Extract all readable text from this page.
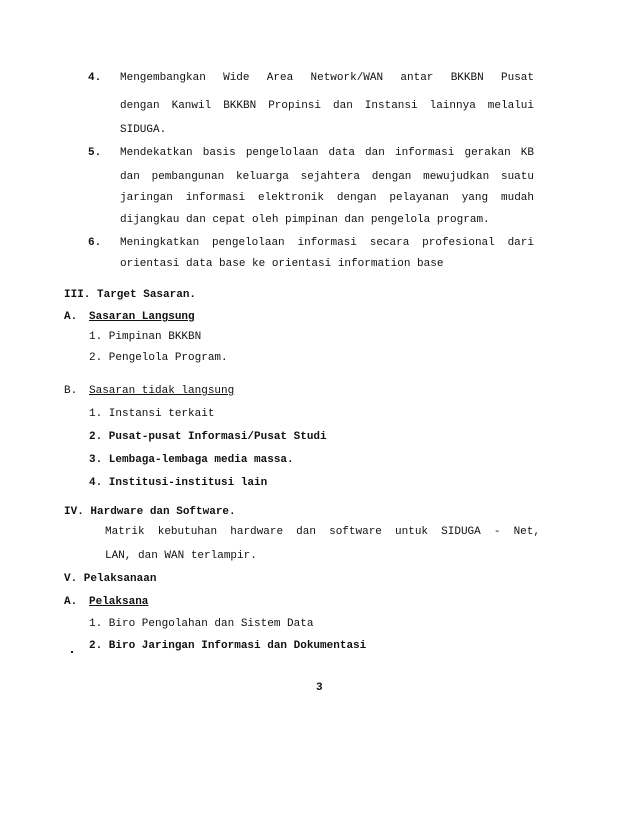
4. Mengembangkan Wide Area Network/WAN antar BKKBN Pusat
dengan Kanwil BKKBN Propinsi dan Instansi lainnya melalui
SIDUGA.
5. Mendekatkan basis pengelolaan data dan informasi gerakan KB
dan pembangunan keluarga sejahtera dengan mewujudkan suatu
jaringan informasi elektronik dengan pelayanan yang mudah
dijangkau dan cepat oleh pimpinan dan pengelola program.
6. Meningkatkan pengelolaan informasi secara profesional dari
orientasi data base ke orientasi information base
III. Target Sasaran.
A. Sasaran Langsung
1. Pimpinan BKKBN
2. Pengelola Program.
B. Sasaran tidak langsung
1. Instansi terkait
2. Pusat-pusat Informasi/Pusat Studi
3. Lembaga-lembaga media massa.
4. Institusi-institusi lain
IV. Hardware dan Software.
Matrik kebutuhan hardware dan software untuk SIDUGA - Net,
LAN, dan WAN terlampir.
V. Pelaksanaan
A. Pelaksana
1. Biro Pengolahan dan Sistem Data
2. Biro Jaringan Informasi dan Dokumentasi
3
